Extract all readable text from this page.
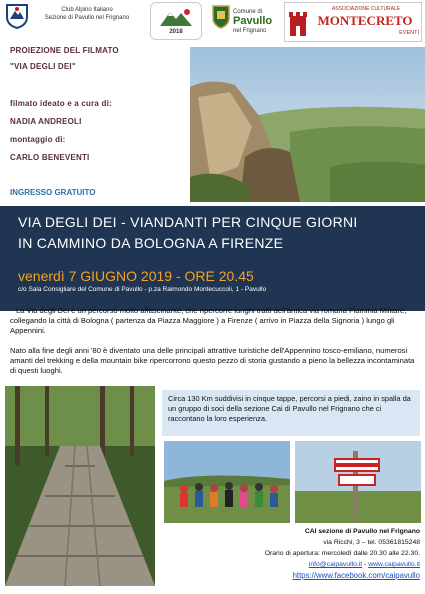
Club Alpino Italiano
Sezione di Pavullo nel Frignano
2018
Comune di
Pavullo
nel Frignano
ASSOCIAZIONE CULTURALE
MONTECRETO
EVENTI
PROIEZIONE DEL FILMATO
"VIA DEGLI DEI"
filmato ideato e a cura di:
NADIA ANDREOLI
montaggio di:
CARLO BENEVENTI
INGRESSO GRATUITO
VIA DEGLI DEI - VIANDANTI PER CINQUE GIORNI
IN CAMMINO DA BOLOGNA A FIRENZE
venerdì 7 GIUGNO 2019 - ORE 20.45
c/o Sala Consigliare del Comune di Pavullo - p.za Raimondo Montecuccoli, 1 - Pavullo
La Via degli Dei è un percorso molto affascinante, che ripercorre lunghi tratti dell'antica via romana Flaminia Militare, collegando la città di Bologna ( partenza da Piazza Maggiore ) a Firenze ( arrivo in Piazza della Signoria ) lungo gli Appennini.
Nato alla fine degli anni '80 è diventato una delle principali attrattive turistiche dell'Appennino tosco-emiliano, numerosi amanti del trekking e della mountain bike ripercorrono questo pezzo di storia gustando a pieno la bellezza incontaminata di questi luoghi.
Circa 130 Km suddivisi in cinque tappe, percorsi a piedi, zaino in spalla da un gruppo di soci della sezione Cai di Pavullo nel Frignano che ci raccontano la loro esperienza.
CAI sezione di Pavullo nel Frignano
via Ricchi, 3 – tel. 05361815248
Orario di apertura: mercoledì dalle 20.30 alle 22.30.
info@caipavullo.it - www.caipavullo.it
https://www.facebook.com/caipavullo
